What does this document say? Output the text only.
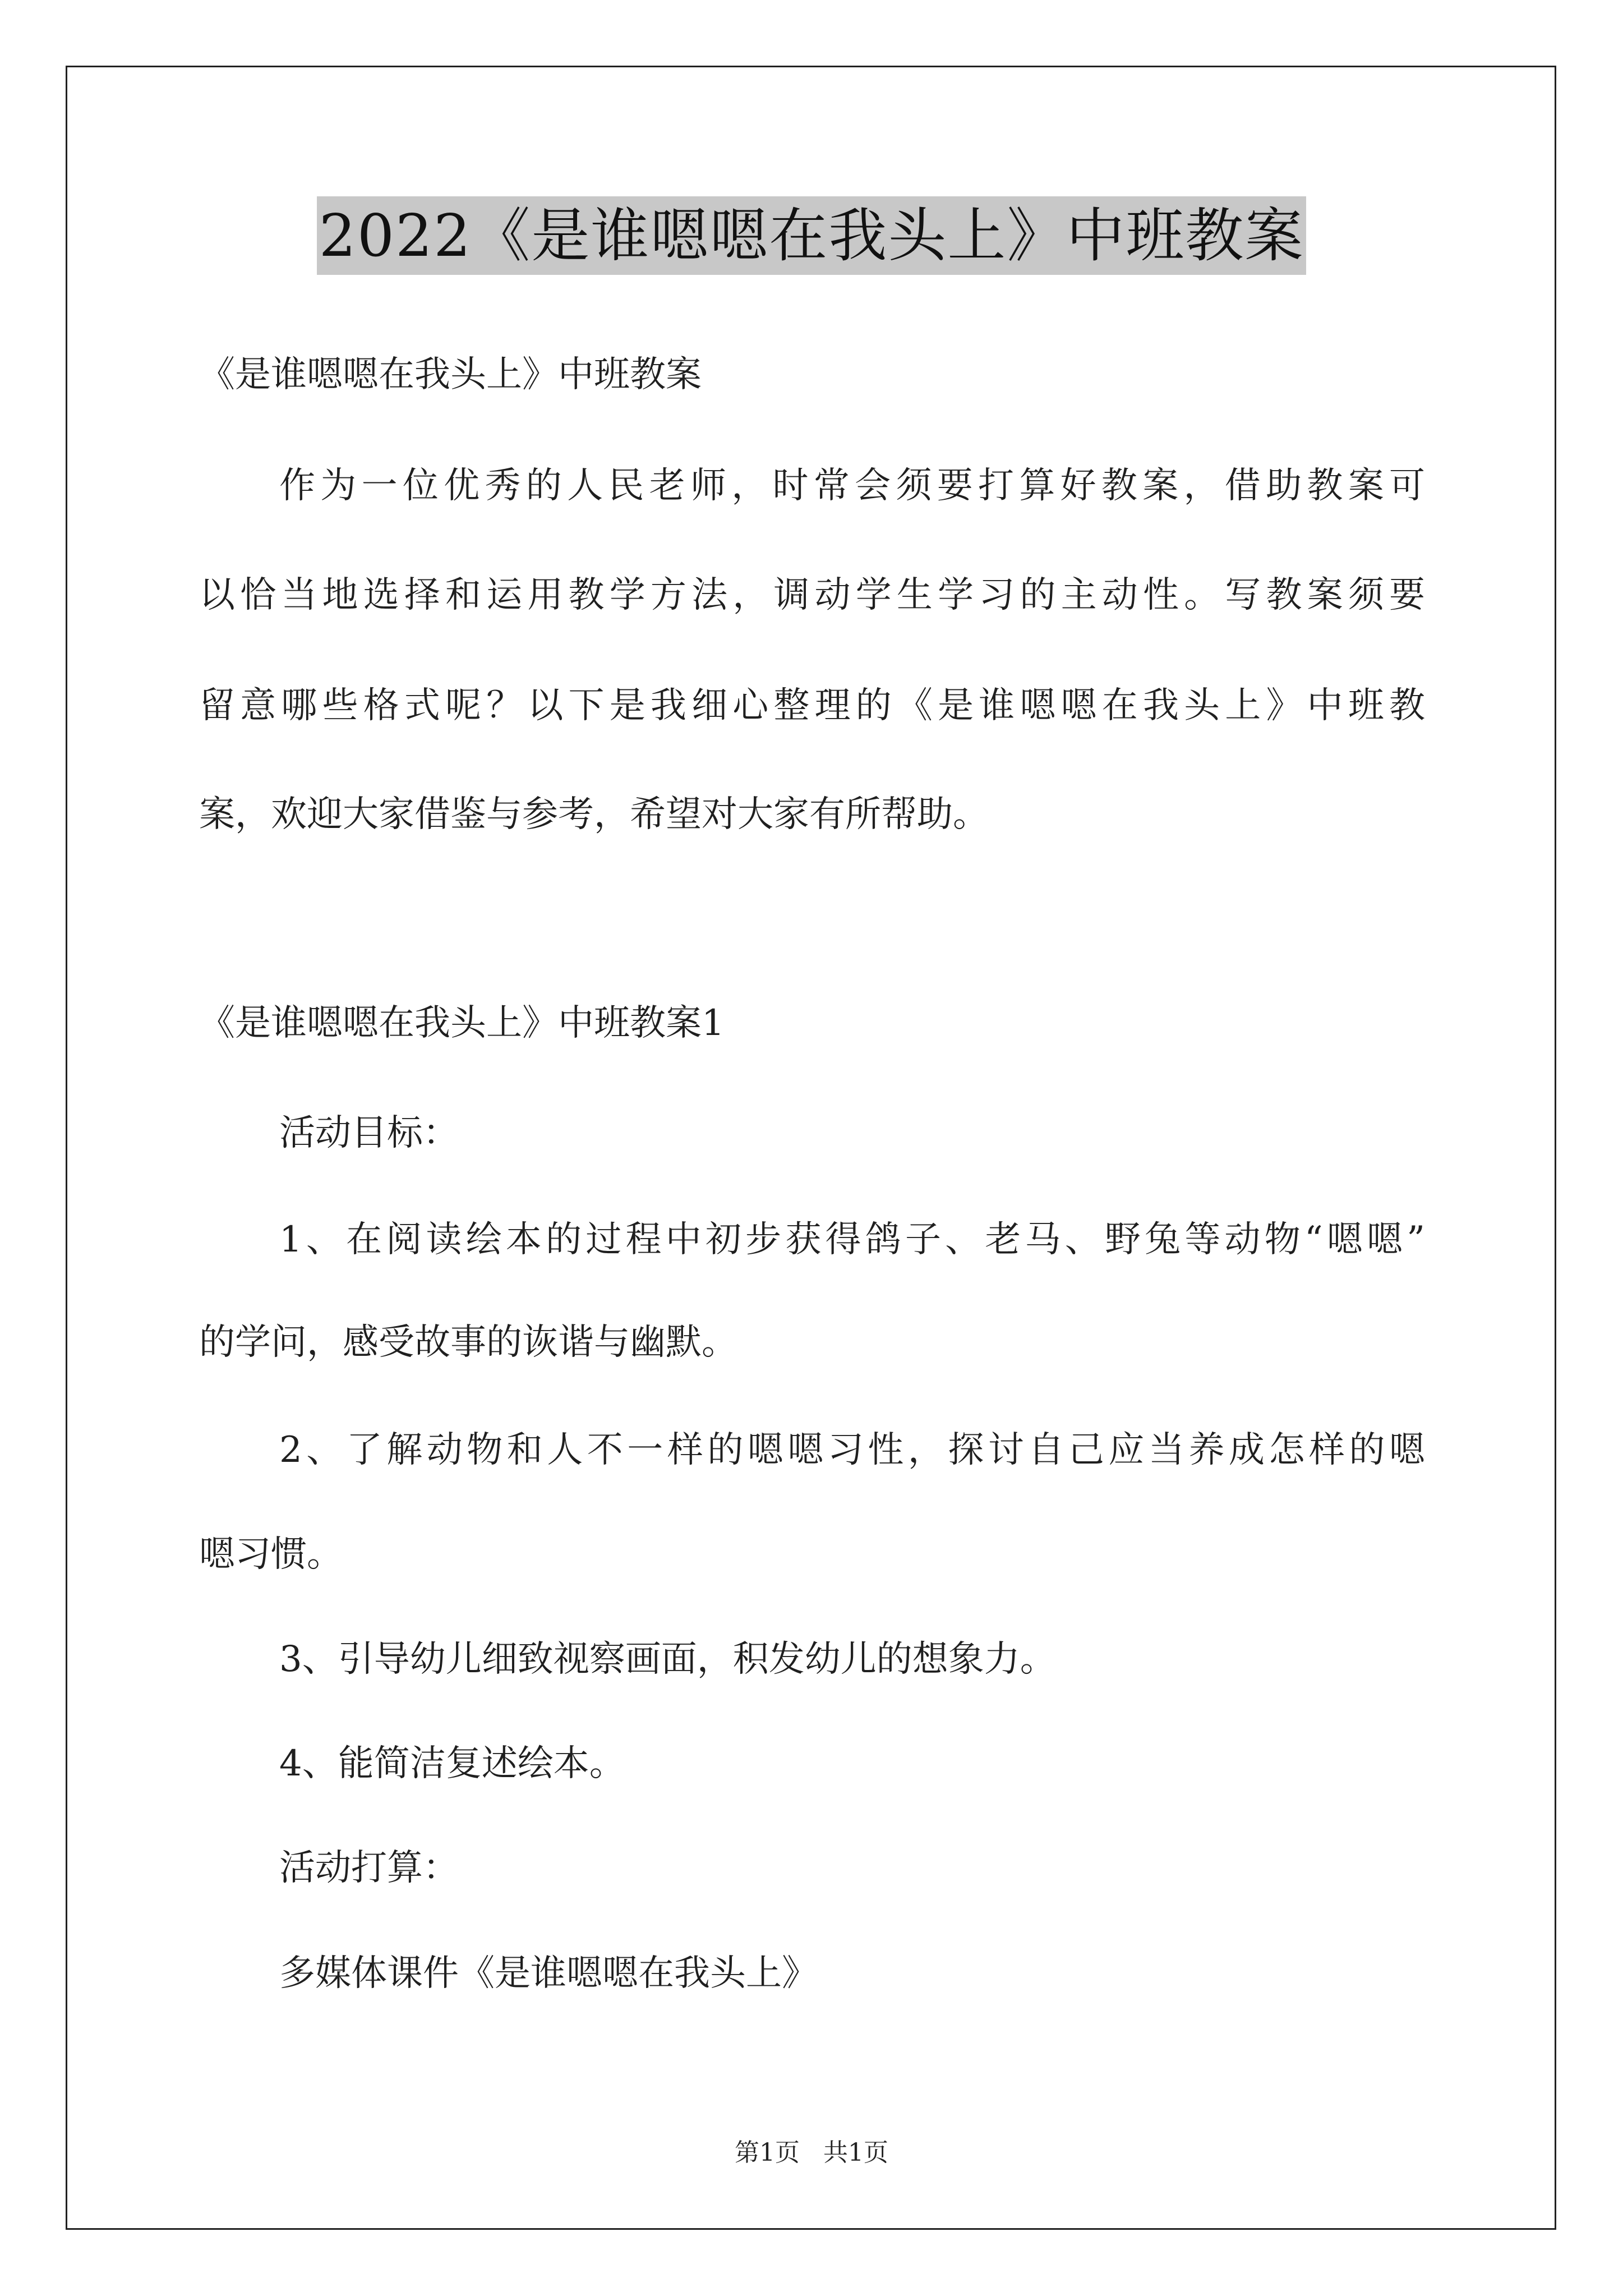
2022《是谁嗯嗯在我头上》中班教案
《是谁嗯嗯在我头上》中班教案
作为一位优秀的人民老师，时常会须要打算好教案，借助教案可
以恰当地选择和运用教学方法，调动学生学习的主动性。写教案须要
留意哪些格式呢？以下是我细心整理的《是谁嗯嗯在我头上》中班教
案，欢迎大家借鉴与参考，希望对大家有所帮助。
《是谁嗯嗯在我头上》中班教案1
活动目标：
1、在阅读绘本的过程中初步获得鸽子、老马、野兔等动物“嗯嗯”
的学问，感受故事的诙谐与幽默。
2、了解动物和人不一样的嗯嗯习性，探讨自己应当养成怎样的嗯
嗯习惯。
3、引导幼儿细致视察画面，积发幼儿的想象力。
4、能简洁复述绘本。
活动打算：
多媒体课件《是谁嗯嗯在我头上》
第1页 共1页
